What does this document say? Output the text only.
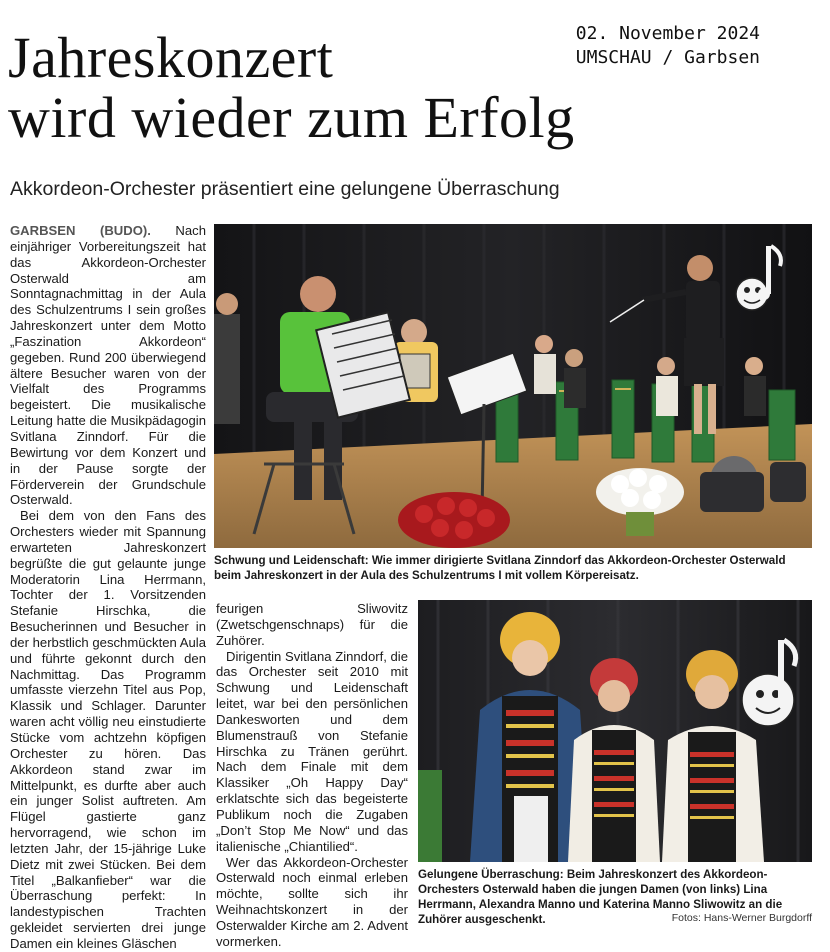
02. November 2024
UMSCHAU / Garbsen
Jahreskonzert
wird wieder zum Erfolg
Akkordeon-Orchester präsentiert eine gelungene Überraschung

GARBSEN (BUDO). Nach einjähriger Vorbereitungszeit hat das Akkordeon-Orchester Osterwald am Sonntagnachmittag in der Aula des Schulzentrums I sein großes Jahreskonzert unter dem Motto „Faszination Akkordeon“ gegeben. Rund 200 überwiegend ältere Besucher waren von der Vielfalt des Programms begeistert. Die musikalische Leitung hatte die Musikpädagogin Svitlana Zinndorf. Für die Bewirtung vor dem Konzert und in der Pause sorgte der Förderverein der Grundschule Osterwald.

Bei dem von den Fans des Orchesters wieder mit Spannung erwarteten Jahreskonzert begrüßte die gut gelaunte junge Moderatorin Lina Herrmann, Tochter der 1. Vorsitzenden Stefanie Hirschka, die Besucherinnen und Besucher in der herbstlich geschmückten Aula und führte gekonnt durch den Nachmittag. Das Programm umfasste vierzehn Titel aus Pop, Klassik und Schlager. Darunter waren acht völlig neu einstudierte Stücke vom achtzehn köpfigen Orchester zu hören. Das Akkordeon stand zwar im Mittelpunkt, es durfte aber auch ein junger Solist auftreten. Am Flügel gastierte ganz hervorragend, wie schon im letzten Jahr, der 15-jährige Luke Dietz mit zwei Stücken. Bei dem Titel „Balkanfieber“ war die Überraschung perfekt: In landestypischen Trachten gekleidet servierten drei junge Damen ein kleines Gläschen

feurigen Sliwovitz (Zwetschgenschnaps) für die Zuhörer.

Dirigentin Svitlana Zinndorf, die das Orchester seit 2010 mit Schwung und Leidenschaft leitet, war bei den persönlichen Dankesworten und dem Blumenstrauß von Stefanie Hirschka zu Tränen gerührt. Nach dem Finale mit dem Klassiker „Oh Happy Day“ erklatschte sich das begeisterte Publikum noch die Zugaben „Don’t Stop Me Now“ und das italienische „Chiantilied“.

Wer das Akkordeon-Orchester Osterwald noch einmal erleben möchte, sollte sich ihr Weihnachtskonzert in der Osterwalder Kirche am 2. Advent vormerken.

Schwung und Leidenschaft: Wie immer dirigierte Svitlana Zinndorf das Akkordeon-Orchester Osterwald beim Jahreskonzert in der Aula des Schulzentrums I mit vollem Körpereisatz.
Gelungene Überraschung: Beim Jahreskonzert des Akkordeon-Orchesters Osterwald haben die jungen Damen (von links) Lina Herrmann, Alexandra Manno und Katerina Manno Sliwowitz an die Zuhörer ausgeschenkt.	Fotos: Hans-Werner Burgdorff
